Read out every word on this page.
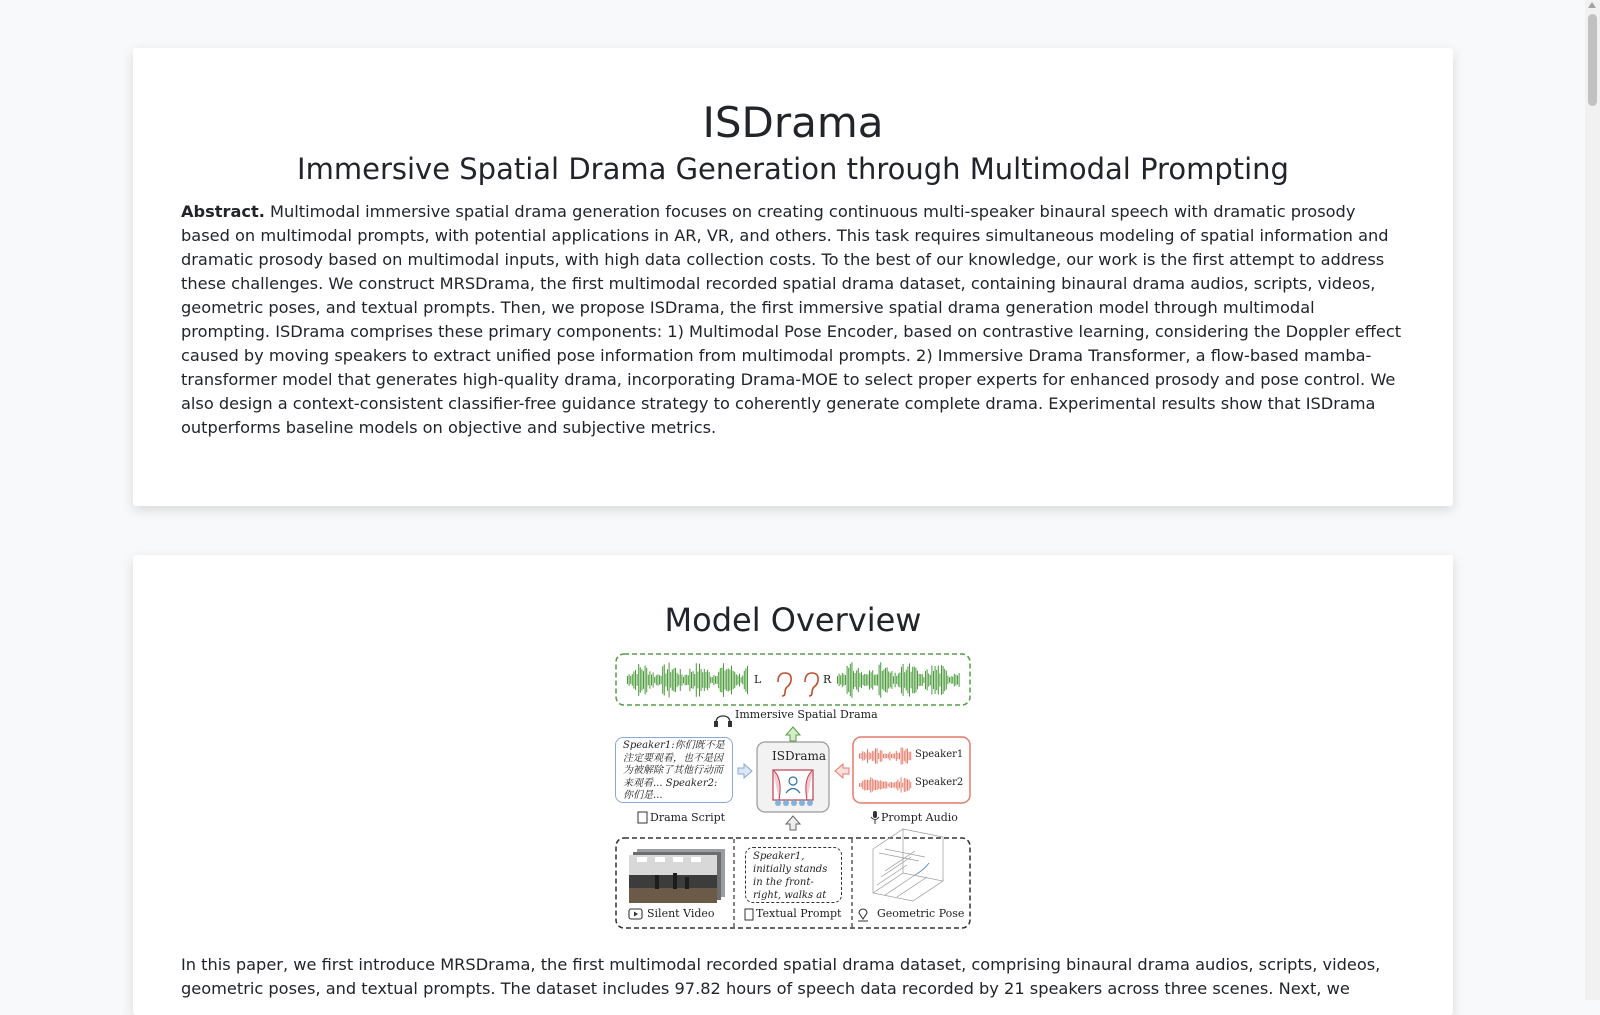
ISDrama
Immersive Spatial Drama Generation through Multimodal Prompting

Abstract. Multimodal immersive spatial drama generation focuses on creating continuous multi-speaker binaural speech with dramatic prosody based on multimodal prompts, with potential applications in AR, VR, and others. This task requires simultaneous modeling of spatial information and dramatic prosody based on multimodal inputs, with high data collection costs. To the best of our knowledge, our work is the first attempt to address these challenges. We construct MRSDrama, the first multimodal recorded spatial drama dataset, containing binaural drama audios, scripts, videos, geometric poses, and textual prompts. Then, we propose ISDrama, the first immersive spatial drama generation model through multimodal prompting. ISDrama comprises these primary components: 1) Multimodal Pose Encoder, based on contrastive learning, considering the Doppler effect caused by moving speakers to extract unified pose information from multimodal prompts. 2) Immersive Drama Transformer, a flow-based mamba-transformer model that generates high-quality drama, incorporating Drama-MOE to select proper experts for enhanced prosody and pose control. We also design a context-consistent classifier-free guidance strategy to coherently generate complete drama. Experimental results show that ISDrama outperforms baseline models on objective and subjective metrics.

Model Overview
L	R
Immersive Spatial Drama
ISDrama
Speaker1:你们既不是注定要观看，也不是因为被解除了其他行动而来观看... Speaker2: 你们是...
Drama Script
Speaker1
Speaker2
Prompt Audio
Silent Video
Speaker1, initially stands in the front-right, walks at
Textual Prompt	Geometric Pose

In this paper, we first introduce MRSDrama, the first multimodal recorded spatial drama dataset, comprising binaural drama audios, scripts, videos, geometric poses, and textual prompts. The dataset includes 97.82 hours of speech data recorded by 21 speakers across three scenes. Next, we
